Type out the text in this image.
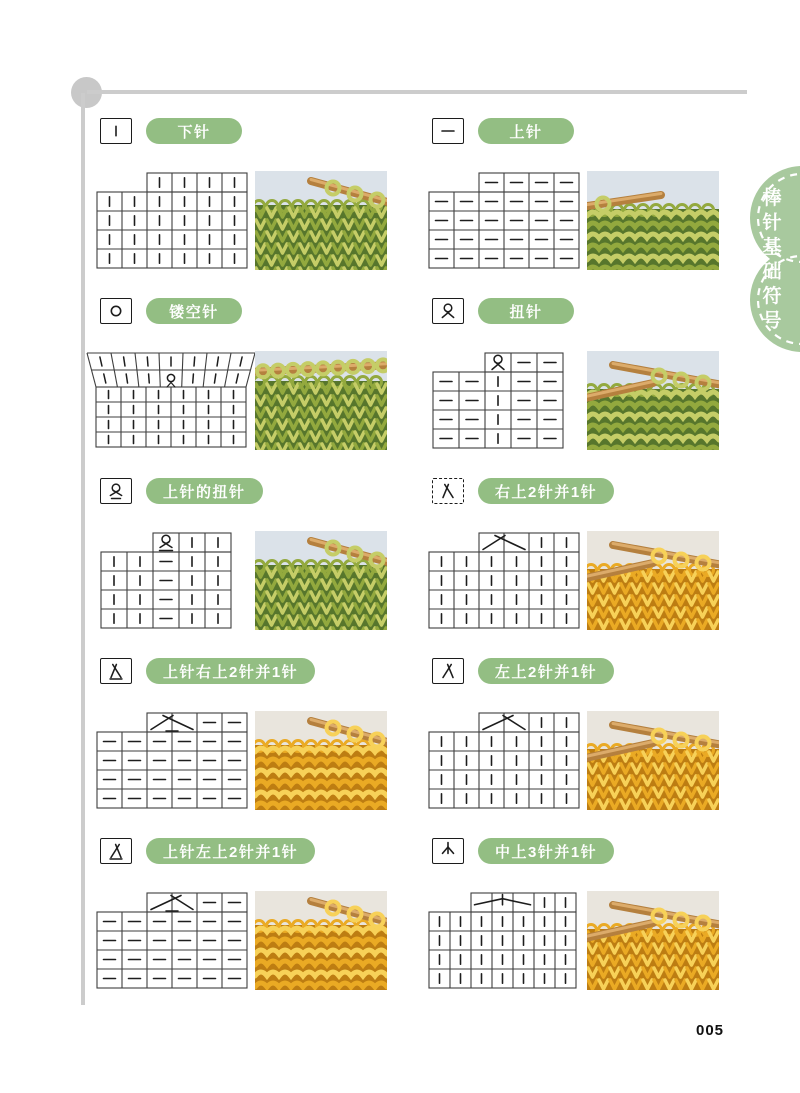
下针	上针
镂空针	扭针
上针的扭针	右上2针并1针
上针右上2针并1针	左上2针并1针
上针左上2针并1针	中上3针并1针
棒
针
基
础
符
号
005
